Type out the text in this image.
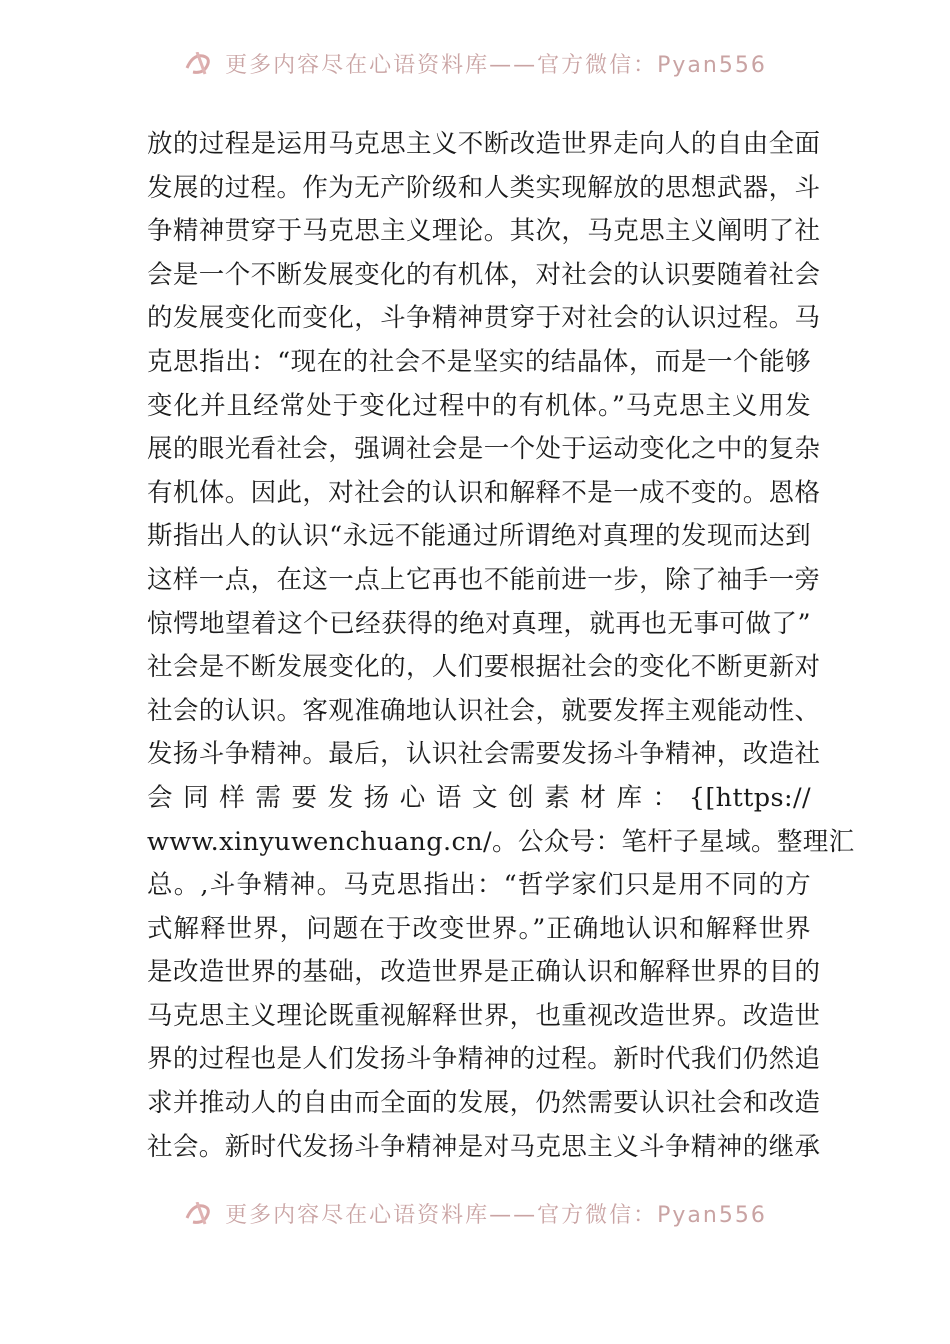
更多内容尽在心语资料库——官方微信：Pyan556
放的过程是运用马克思主义不断改造世界走向人的自由全面
发展的过程。作为无产阶级和人类实现解放的思想武器，斗
争精神贯穿于马克思主义理论。其次，马克思主义阐明了社
会是一个不断发展变化的有机体，对社会的认识要随着社会
的发展变化而变化，斗争精神贯穿于对社会的认识过程。马
克思指出：“现在的社会不是坚实的结晶体，而是一个能够
变化并且经常处于变化过程中的有机体。”马克思主义用发
展的眼光看社会，强调社会是一个处于运动变化之中的复杂
有机体。因此，对社会的认识和解释不是一成不变的。恩格
斯指出人的认识“永远不能通过所谓绝对真理的发现而达到
这样一点，在这一点上它再也不能前进一步，除了袖手一旁
惊愕地望着这个已经获得的绝对真理，就再也无事可做了”
社会是不断发展变化的，人们要根据社会的变化不断更新对
社会的认识。客观准确地认识社会，就要发挥主观能动性、
发扬斗争精神。最后，认识社会需要发扬斗争精神，改造社
会 同 样 需 要 发 扬 心 语 文 创 素 材 库 ： {[https://
www.xinyuwenchuang.cn/。公众号：笔杆子星域。整理汇
总。,斗争精神。马克思指出：“哲学家们只是用不同的方
式解释世界，问题在于改变世界。”正确地认识和解释世界
是改造世界的基础，改造世界是正确认识和解释世界的目的
马克思主义理论既重视解释世界，也重视改造世界。改造世
界的过程也是人们发扬斗争精神的过程。新时代我们仍然追
求并推动人的自由而全面的发展，仍然需要认识社会和改造
社会。新时代发扬斗争精神是对马克思主义斗争精神的继承
更多内容尽在心语资料库——官方微信：Pyan556
